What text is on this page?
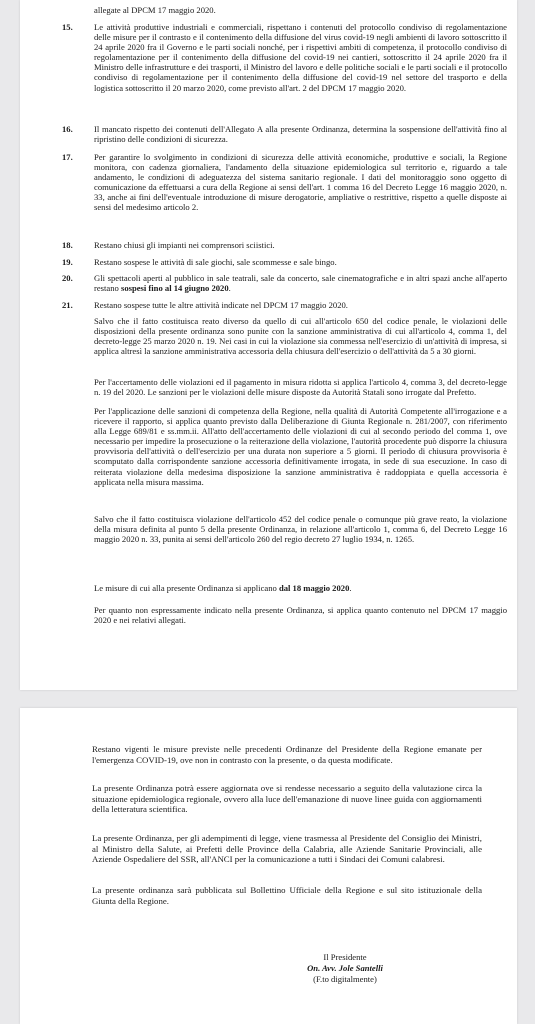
allegate al DPCM 17 maggio 2020.
15.	Le attività produttive industriali e commerciali, rispettano i contenuti del protocollo condiviso di regolamentazione delle misure per il contrasto e il contenimento della diffusione del virus covid-19 negli ambienti di lavoro sottoscritto il 24 aprile 2020 fra il Governo e le parti sociali nonché, per i rispettivi ambiti di competenza, il protocollo condiviso di regolamentazione per il contenimento della diffusione del covid-19 nei cantieri, sottoscritto il 24 aprile 2020 fra il Ministro delle infrastrutture e dei trasporti, il Ministro del lavoro e delle politiche sociali e le parti sociali e il protocollo condiviso di regolamentazione per il contenimento della diffusione del covid-19 nel settore del trasporto e della logistica sottoscritto il 20 marzo 2020, come previsto all'art. 2 del DPCM 17 maggio 2020.
16.	Il mancato rispetto dei contenuti dell'Allegato A alla presente Ordinanza, determina la sospensione dell'attività fino al ripristino delle condizioni di sicurezza.
17.	Per garantire lo svolgimento in condizioni di sicurezza delle attività economiche, produttive e sociali, la Regione monitora, con cadenza giornaliera, l'andamento della situazione epidemiologica sul territorio e, riguardo a tale andamento, le condizioni di adeguatezza del sistema sanitario regionale. I dati del monitoraggio sono oggetto di comunicazione da effettuarsi a cura della Regione ai sensi dell'art. 1 comma 16 del Decreto Legge 16 maggio 2020, n. 33, anche ai fini dell'eventuale introduzione di misure derogatorie, ampliative o restrittive, rispetto a quelle disposte ai sensi del medesimo articolo 2.
18.	Restano chiusi gli impianti nei comprensori sciistici.
19.	Restano sospese le attività di sale giochi, sale scommesse e sale bingo.
20.	Gli spettacoli aperti al pubblico in sale teatrali, sale da concerto, sale cinematografiche e in altri spazi anche all'aperto restano sospesi fino al 14 giugno 2020.
21.	Restano sospese tutte le altre attività indicate nel DPCM 17 maggio 2020.
Salvo che il fatto costituisca reato diverso da quello di cui all'articolo 650 del codice penale, le violazioni delle disposizioni della presente ordinanza sono punite con la sanzione amministrativa di cui all'articolo 4, comma 1, del decreto-legge 25 marzo 2020 n. 19. Nei casi in cui la violazione sia commessa nell'esercizio di un'attività di impresa, si applica altresì la sanzione amministrativa accessoria della chiusura dell'esercizio o dell'attività da 5 a 30 giorni.
Per l'accertamento delle violazioni ed il pagamento in misura ridotta si applica l'articolo 4, comma 3, del decreto-legge n. 19 del 2020. Le sanzioni per le violazioni delle misure disposte da Autorità Statali sono irrogate dal Prefetto.
Per l'applicazione delle sanzioni di competenza della Regione, nella qualità di Autorità Competente all'irrogazione e a ricevere il rapporto, si applica quanto previsto dalla Deliberazione di Giunta Regionale n. 281/2007, con riferimento alla Legge 689/81 e ss.mm.ii. All'atto dell'accertamento delle violazioni di cui al secondo periodo del comma 1, ove necessario per impedire la prosecuzione o la reiterazione della violazione, l'autorità procedente può disporre la chiusura provvisoria dell'attività o dell'esercizio per una durata non superiore a 5 giorni. Il periodo di chiusura provvisoria è scomputato dalla corrispondente sanzione accessoria definitivamente irrogata, in sede di sua esecuzione. In caso di reiterata violazione della medesima disposizione la sanzione amministrativa è raddoppiata e quella accessoria è applicata nella misura massima.
Salvo che il fatto costituisca violazione dell'articolo 452 del codice penale o comunque più grave reato, la violazione della misura definita al punto 5 della presente Ordinanza, in relazione all'articolo 1, comma 6, del Decreto Legge 16 maggio 2020 n. 33, punita ai sensi dell'articolo 260 del regio decreto 27 luglio 1934, n. 1265.
Le misure di cui alla presente Ordinanza si applicano dal 18 maggio 2020.
Per quanto non espressamente indicato nella presente Ordinanza, si applica quanto contenuto nel DPCM 17 maggio 2020 e nei relativi allegati.
Restano vigenti le misure previste nelle precedenti Ordinanze del Presidente della Regione emanate per l'emergenza COVID-19, ove non in contrasto con la presente, o da questa modificate.
La presente Ordinanza potrà essere aggiornata ove si rendesse necessario a seguito della valutazione circa la situazione epidemiologica regionale, ovvero alla luce dell'emanazione di nuove linee guida con aggiornamenti della letteratura scientifica.
La presente Ordinanza, per gli adempimenti di legge, viene trasmessa al Presidente del Consiglio dei Ministri, al Ministro della Salute, ai Prefetti delle Province della Calabria, alle Aziende Sanitarie Provinciali, alle Aziende Ospedaliere del SSR, all'ANCI per la comunicazione a tutti i Sindaci dei Comuni calabresi.
La presente ordinanza sarà pubblicata sul Bollettino Ufficiale della Regione e sul sito istituzionale della Giunta della Regione.
Il Presidente
On. Avv. Jole Santelli
(F.to digitalmente)
